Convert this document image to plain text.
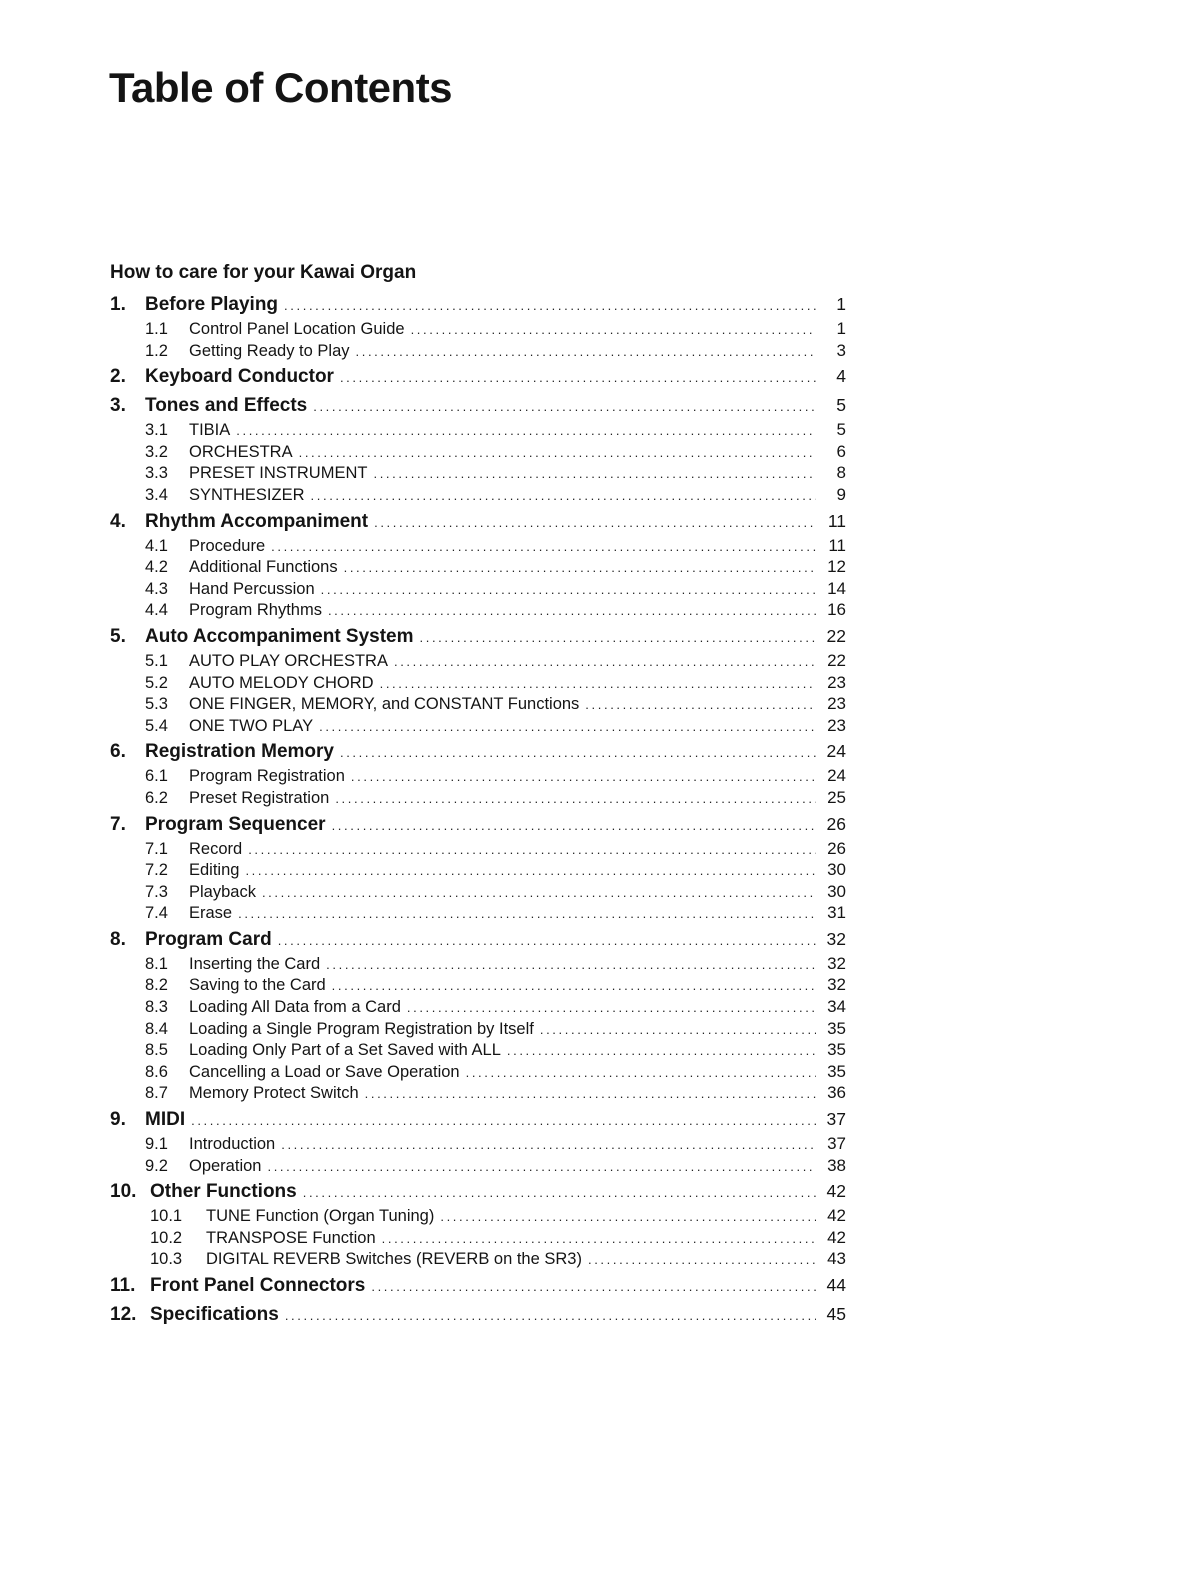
Table of Contents
How to care for your Kawai Organ
1.	Before Playing . . .	1
1.1	Control Panel Location Guide . . .	1
1.2	Getting Ready to Play . . .	3
2.	Keyboard Conductor . . .	4
3.	Tones and Effects . . .	5
3.1	TIBIA . . .	5
3.2	ORCHESTRA . . .	6
3.3	PRESET INSTRUMENT . . .	8
3.4	SYNTHESIZER . . .	9
4.	Rhythm Accompaniment . . .	11
4.1	Procedure . . .	11
4.2	Additional Functions . . .	12
4.3	Hand Percussion . . .	14
4.4	Program Rhythms . . .	16
5.	Auto Accompaniment System . . .	22
5.1	AUTO PLAY ORCHESTRA . . .	22
5.2	AUTO MELODY CHORD . . .	23
5.3	ONE FINGER, MEMORY, and CONSTANT Functions . . .	23
5.4	ONE TWO PLAY . . .	23
6.	Registration Memory . . .	24
6.1	Program Registration . . .	24
6.2	Preset Registration . . .	25
7.	Program Sequencer . . .	26
7.1	Record . . .	26
7.2	Editing . . .	30
7.3	Playback . . .	30
7.4	Erase . . .	31
8.	Program Card . . .	32
8.1	Inserting the Card . . .	32
8.2	Saving to the Card . . .	32
8.3	Loading All Data from a Card . . .	34
8.4	Loading a Single Program Registration by Itself . . .	35
8.5	Loading Only Part of a Set Saved with ALL . . .	35
8.6	Cancelling a Load or Save Operation . . .	35
8.7	Memory Protect Switch . . .	36
9.	MIDI . . .	37
9.1	Introduction . . .	37
9.2	Operation . . .	38
10. Other Functions . . .	42
10.1	TUNE Function (Organ Tuning) . . .	42
10.2	TRANSPOSE Function . . .	42
10.3	DIGITAL REVERB Switches (REVERB on the SR3) . . .	43
11. Front Panel Connectors . . .	44
12. Specifications . . .	45
